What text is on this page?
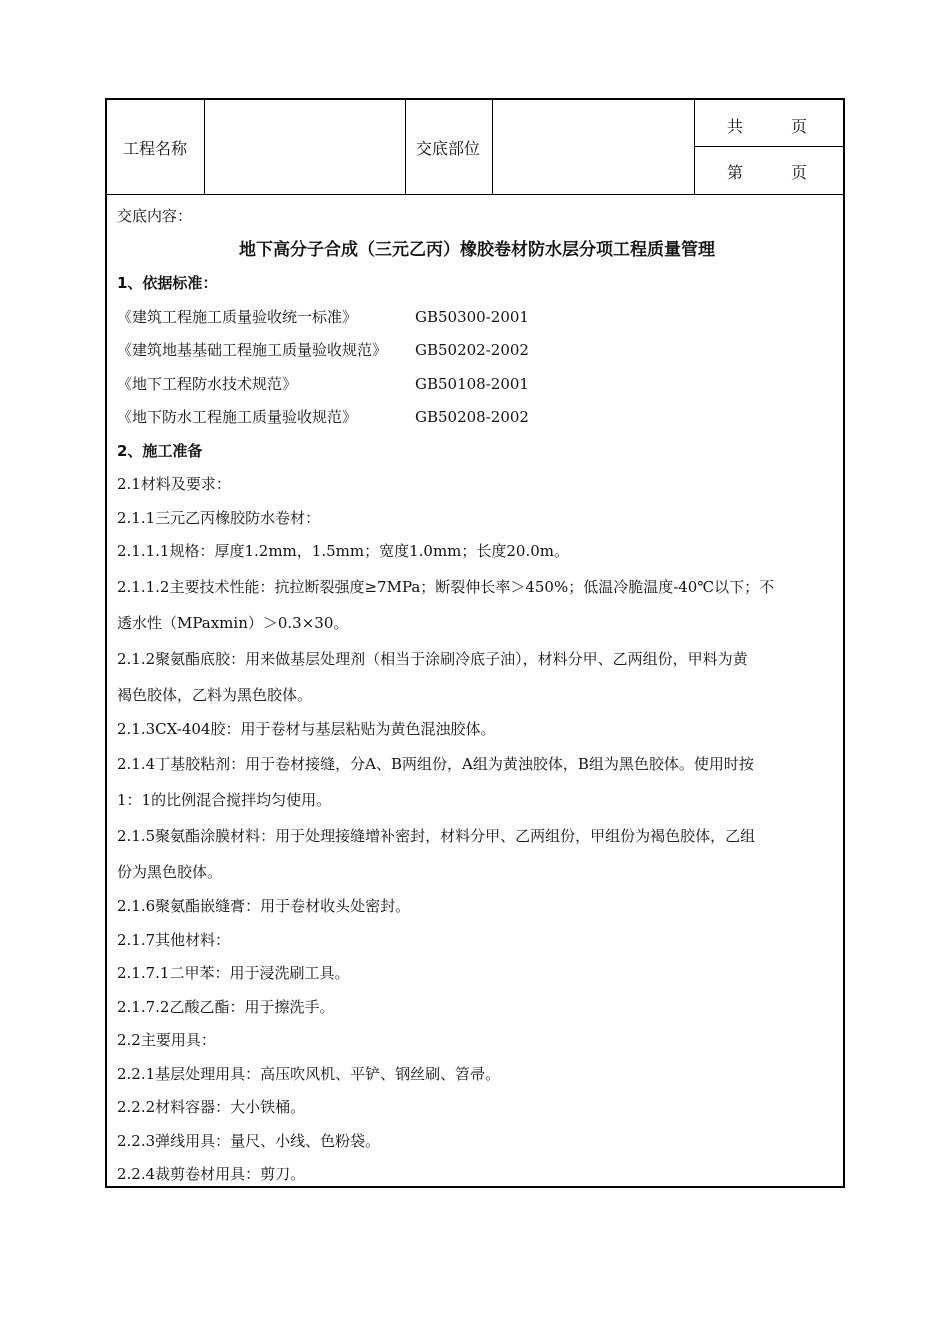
工程名称	交底部位
共　　　页
第　　　页
交底内容：
地下高分子合成（三元乙丙）橡胶卷材防水层分项工程质量管理
1、依据标准：
《建筑工程施工质量验收统一标准》	GB50300-2001
《建筑地基基础工程施工质量验收规范》 GB50202-2002
《地下工程防水技术规范》	GB50108-2001
《地下防水工程施工质量验收规范》	GB50208-2002
2、施工准备
2.1材料及要求：
2.1.1三元乙丙橡胶防水卷材：
2.1.1.1规格：厚度1.2mm，1.5mm；宽度1.0mm；长度20.0m。
2.1.1.2主要技术性能：抗拉断裂强度≥7MPa；断裂伸长率＞450%；低温冷脆温度-40℃以下；不
透水性（MPaxmin）＞0.3×30。
2.1.2聚氨酯底胶：用来做基层处理剂（相当于涂刷冷底子油），材料分甲、乙两组份，甲料为黄
褐色胶体，乙料为黑色胶体。
2.1.3CX-404胶：用于卷材与基层粘贴为黄色混浊胶体。
2.1.4丁基胶粘剂：用于卷材接缝，分A、B两组份，A组为黄浊胶体，B组为黑色胶体。使用时按
1：1的比例混合搅拌均匀使用。
2.1.5聚氨酯涂膜材料：用于处理接缝增补密封，材料分甲、乙两组份，甲组份为褐色胶体，乙组
份为黑色胶体。
2.1.6聚氨酯嵌缝膏：用于卷材收头处密封。
2.1.7其他材料：
2.1.7.1二甲苯：用于浸洗刷工具。
2.1.7.2乙酸乙酯：用于擦洗手。
2.2主要用具：
2.2.1基层处理用具：高压吹风机、平铲、钢丝刷、笤帚。
2.2.2材料容器：大小铁桶。
2.2.3弹线用具：量尺、小线、色粉袋。
2.2.4裁剪卷材用具：剪刀。
